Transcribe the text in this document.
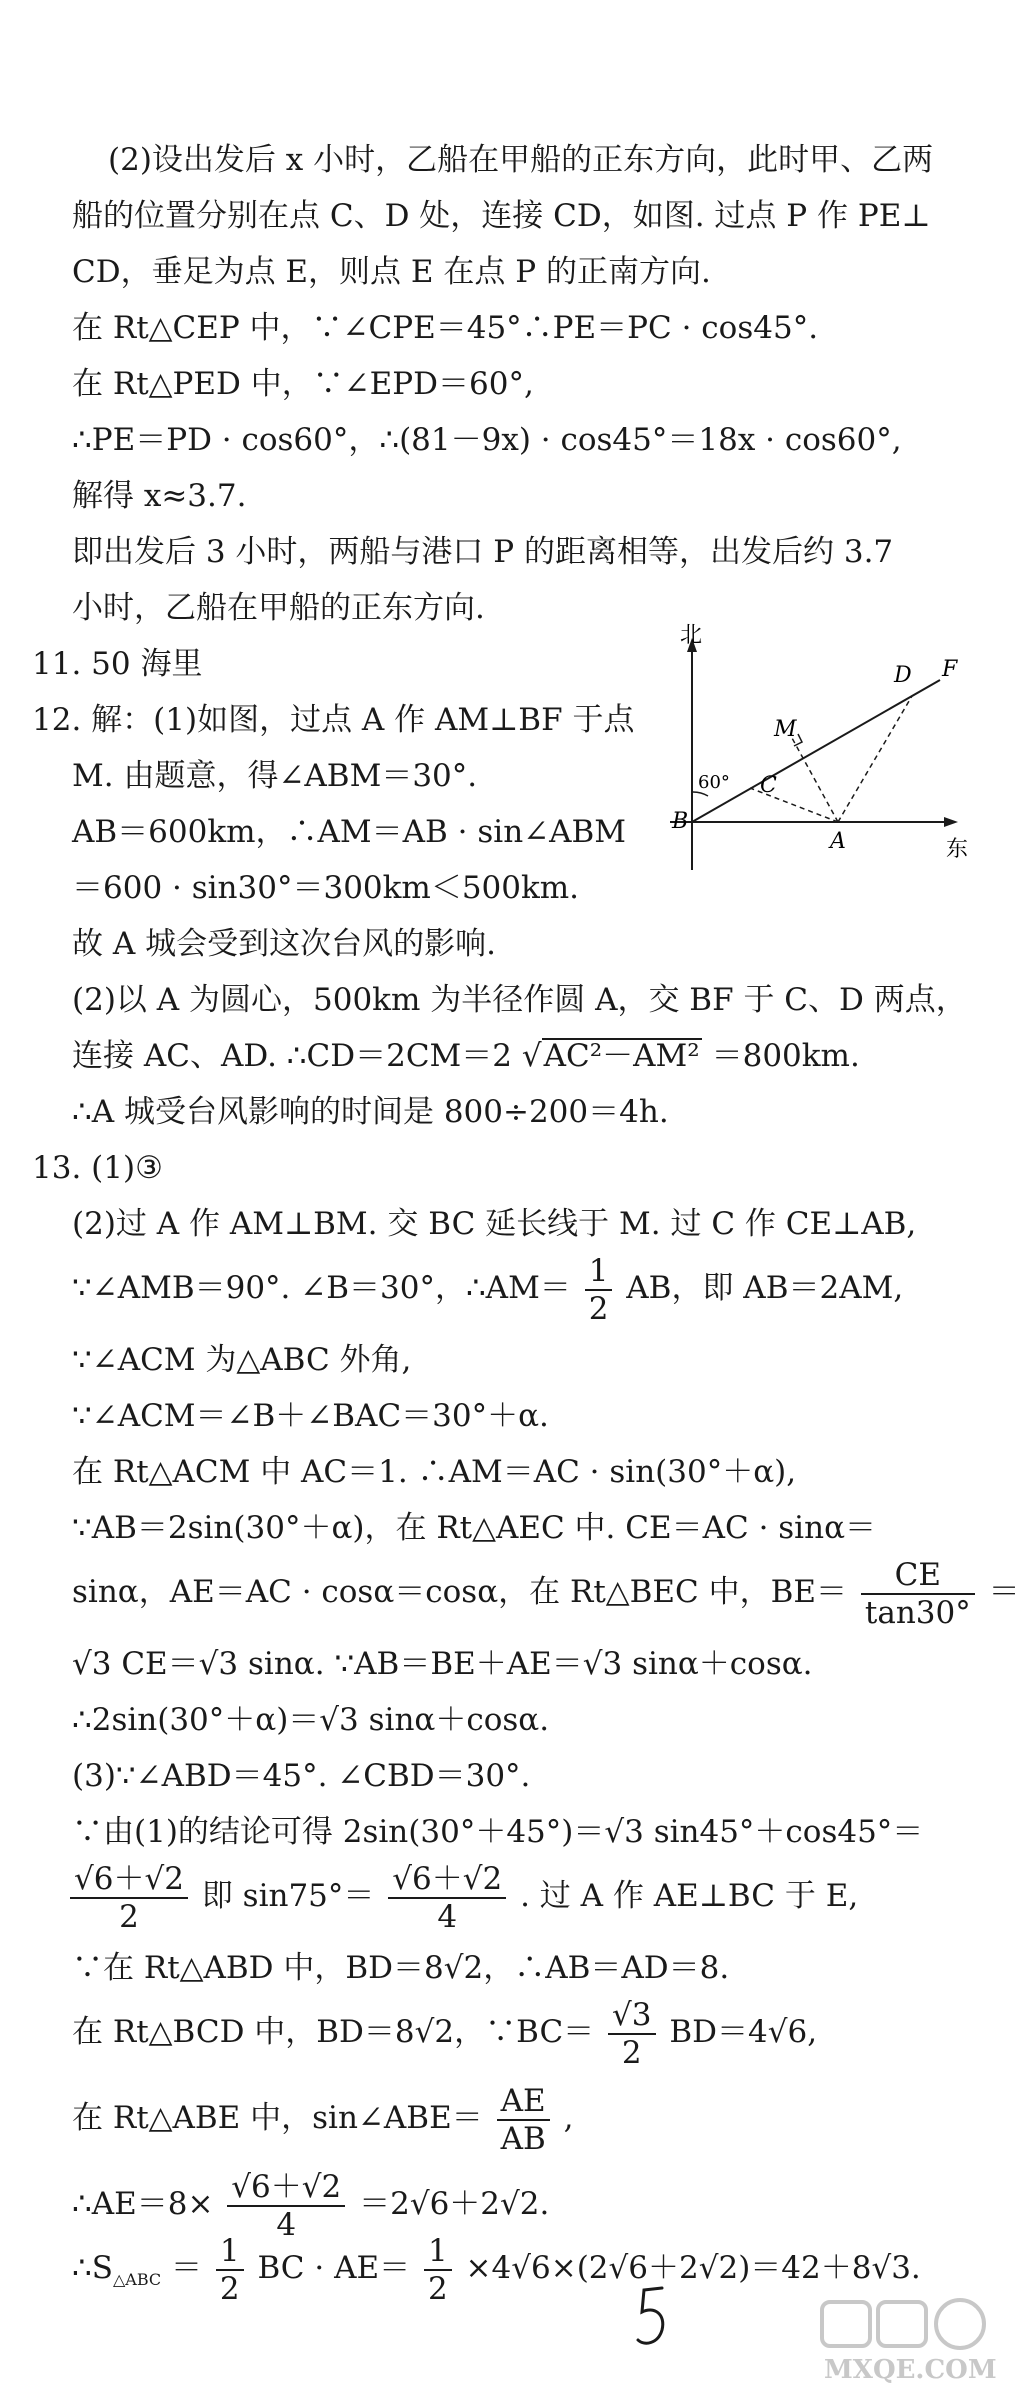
(2)设出发后 x 小时，乙船在甲船的正东方向，此时甲、乙两
船的位置分别在点 C、D 处，连接 CD，如图. 过点 P 作 PE⊥
CD，垂足为点 E，则点 E 在点 P 的正南方向.
在 Rt△CEP 中，∵∠CPE＝45°∴PE＝PC · cos45°.
在 Rt△PED 中，∵∠EPD＝60°,
∴PE＝PD · cos60°，∴(81－9x) · cos45°＝18x · cos60°,
解得 x≈3.7.
即出发后 3 小时，两船与港口 P 的距离相等，出发后约 3.7
小时，乙船在甲船的正东方向.
11. 50 海里
12. 解：(1)如图，过点 A 作 AM⊥BF 于点
M. 由题意，得∠ABM＝30°.
AB＝600km，∴AM＝AB · sin∠ABM
＝600 · sin30°＝300km＜500km.
故 A 城会受到这次台风的影响.
北
东
60°
B
C
M
A
D F
(2)以 A 为圆心，500km 为半径作圆 A，交 BF 于 C、D 两点，
连接 AC、AD. ∴CD＝2CM＝2 √AC²－AM² ＝800km.
∴A 城受台风影响的时间是 800÷200＝4h.
13. (1)③
(2)过 A 作 AM⊥BM. 交 BC 延长线于 M. 过 C 作 CE⊥AB,
∵∠AMB＝90°. ∠B＝30°，∴AM＝ $\frac{1}{2}$ AB，即 AB＝2AM,
∵∠ACM 为△ABC 外角,
∵∠ACM＝∠B＋∠BAC＝30°＋α.
在 Rt△ACM 中 AC＝1. ∴AM＝AC · sin(30°＋α),
∵AB＝2sin(30°＋α)，在 Rt△AEC 中. CE＝AC · sinα＝
sinα，AE＝AC · cosα＝cosα，在 Rt△BEC 中，$BE= \frac{CE}{\tan 30^\circ}$ ＝
√3 CE＝√3 sinα. ∵AB＝BE＋AE＝√3 sinα＋cosα.
∴2sin(30°＋α)＝√3 sinα＋cosα.
(3)∵∠ABD＝45°. ∠CBD＝30°.
∵由(1)的结论可得 2sin(30°＋45°)＝√3 sin45°＋cos45°＝
$\frac{√6+√2}{2}$ 即 $\sin 75^\circ= \frac{√6+√2}{4}$ . 过 A 作 AE⊥BC 于 E,
∵在 Rt△ABD 中，BD＝8√2，∴AB＝AD＝8.
在 Rt△BCD 中，BD＝8√2，∵BC＝ $\frac{√3}{2} BD=4√6$,
在 Rt△ABE 中，sin∠ABE＝ $\frac{AE}{AB}$ ,
∴AE＝8× $\frac{√6+√2}{4} =2√6+2√2$.
$\therefore S_{\triangle ABC} = \frac{1}{2}$ BC · $AE= \frac{1}{2} \times 4√6\times(2√6+2√2)=42+8√3$.
MXQE.COM
